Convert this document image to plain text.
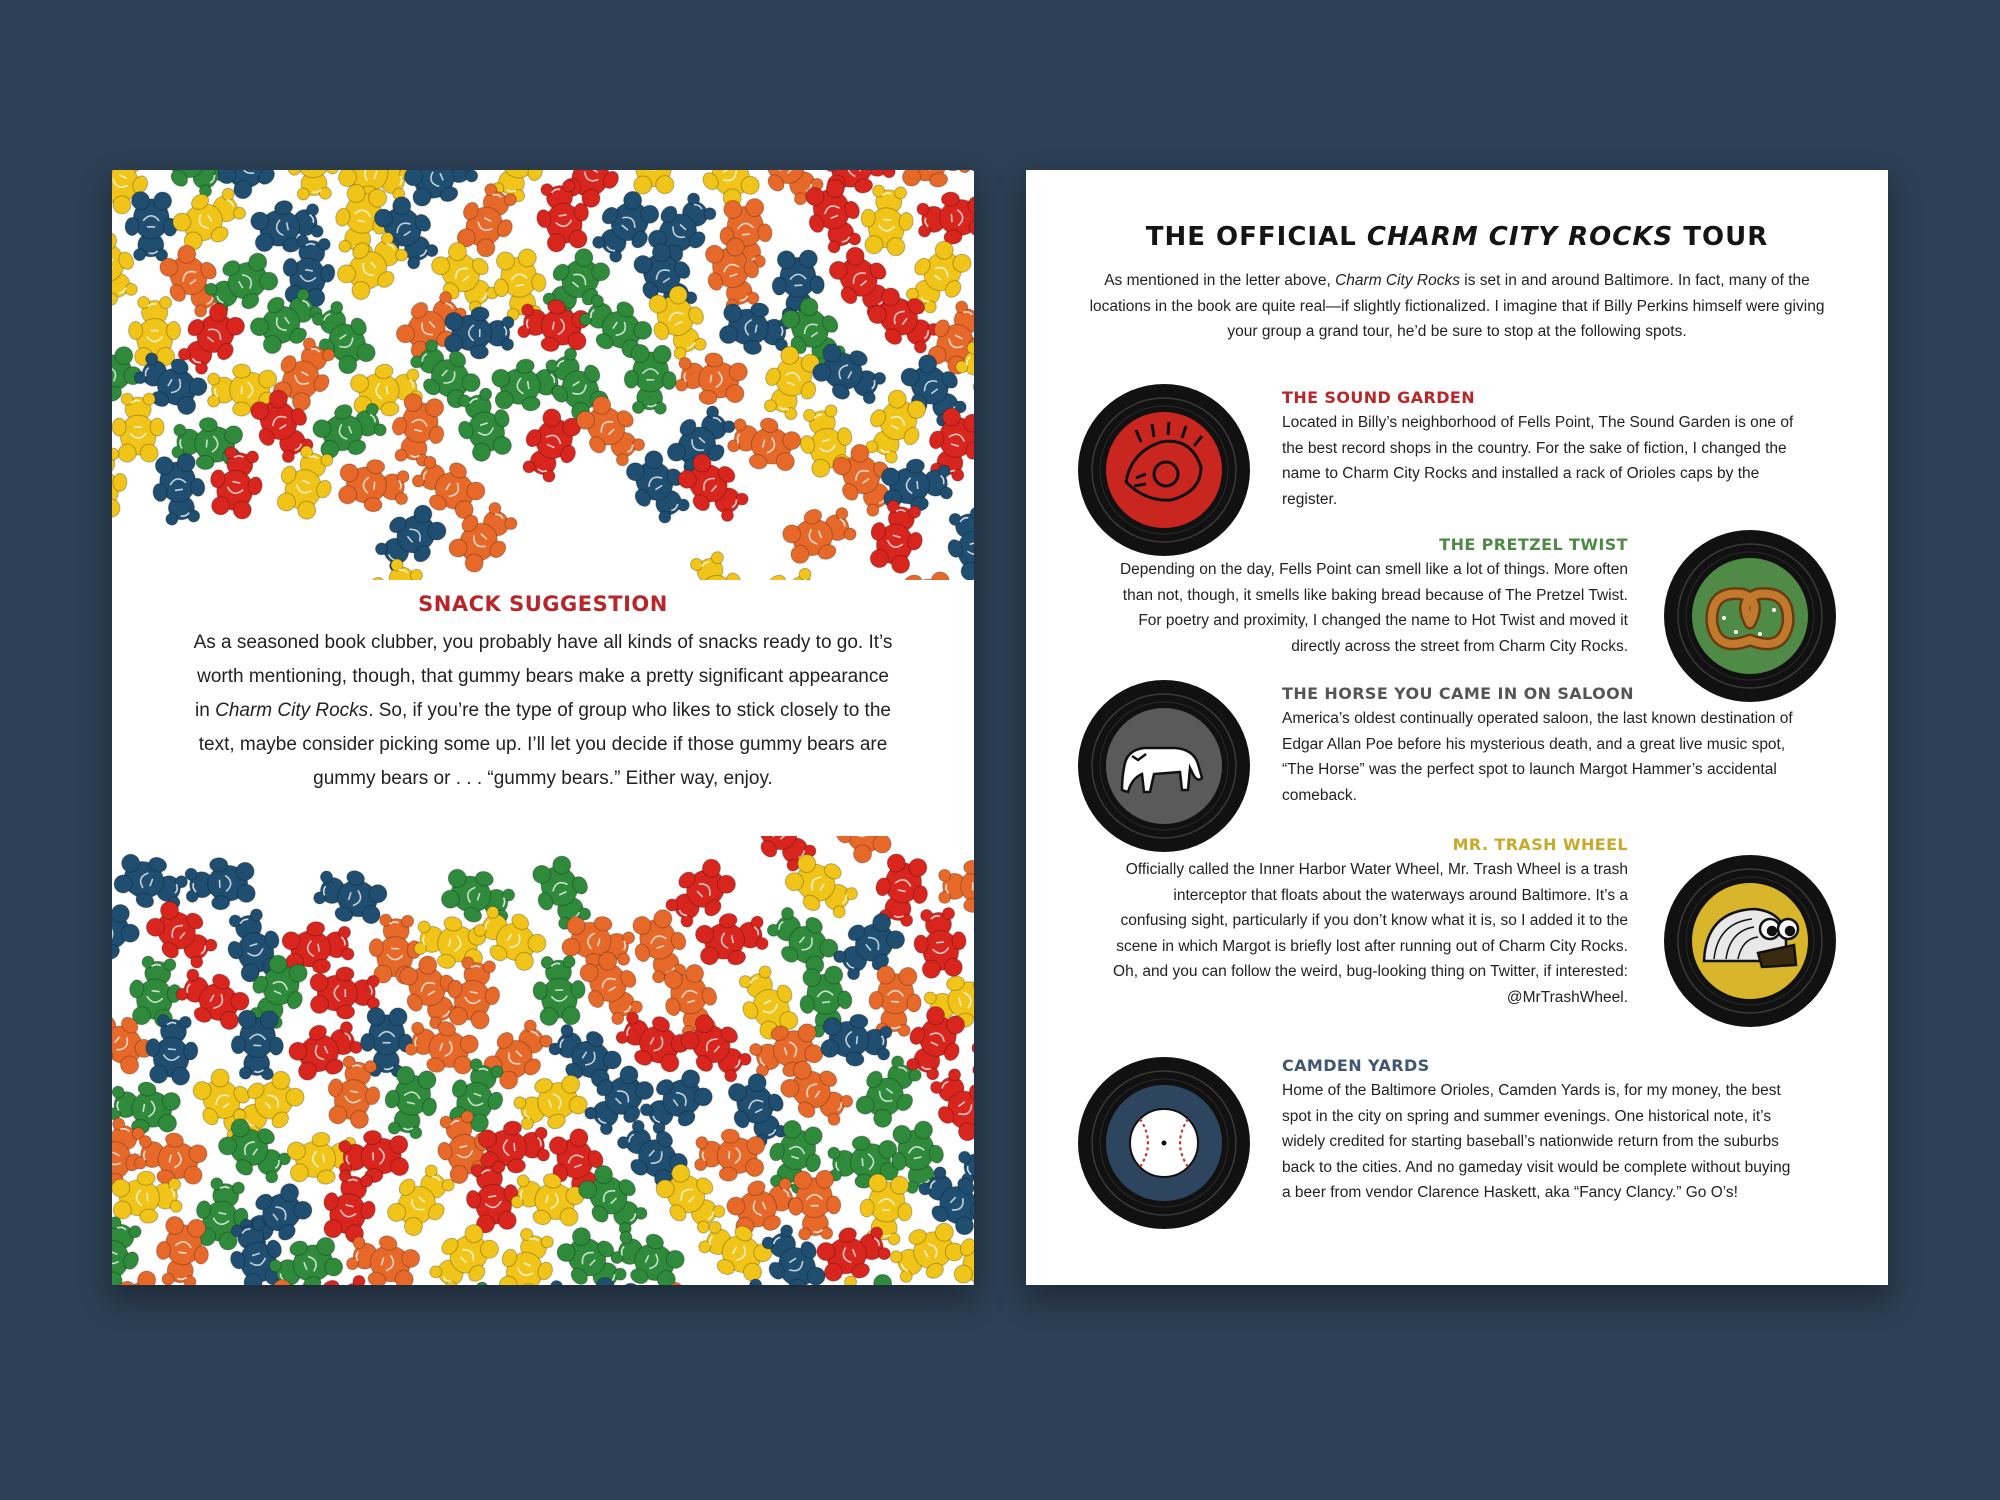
SNACK SUGGESTION

As a seasoned book clubber, you probably have all kinds of snacks ready to go. It’s worth mentioning, though, that gummy bears make a pretty significant appearance in Charm City Rocks. So, if you’re the type of group who likes to stick closely to the text, maybe consider picking some up. I’ll let you decide if those gummy bears are gummy bears or . . . “gummy bears.” Either way, enjoy.

THE OFFICIAL CHARM CITY ROCKS TOUR

As mentioned in the letter above, Charm City Rocks is set in and around Baltimore. In fact, many of the locations in the book are quite real—if slightly fictionalized. I imagine that if Billy Perkins himself were giving your group a grand tour, he’d be sure to stop at the following spots.

THE SOUND GARDEN

Located in Billy’s neighborhood of Fells Point, The Sound Garden is one of the best record shops in the country. For the sake of fiction, I changed the name to Charm City Rocks and installed a rack of Orioles caps by the register.

THE PRETZEL TWIST

Depending on the day, Fells Point can smell like a lot of things. More often than not, though, it smells like baking bread because of The Pretzel Twist. For poetry and proximity, I changed the name to Hot Twist and moved it directly across the street from Charm City Rocks.

THE HORSE YOU CAME IN ON SALOON

America’s oldest continually operated saloon, the last known destination of Edgar Allan Poe before his mysterious death, and a great live music spot, “The Horse” was the perfect spot to launch Margot Hammer’s accidental comeback.

MR. TRASH WHEEL

Officially called the Inner Harbor Water Wheel, Mr. Trash Wheel is a trash interceptor that floats about the waterways around Baltimore. It’s a confusing sight, particularly if you don’t know what it is, so I added it to the scene in which Margot is briefly lost after running out of Charm City Rocks. Oh, and you can follow the weird, bug-looking thing on Twitter, if interested: @MrTrashWheel.

CAMDEN YARDS

Home of the Baltimore Orioles, Camden Yards is, for my money, the best spot in the city on spring and summer evenings. One historical note, it’s widely credited for starting baseball’s nationwide return from the suburbs back to the cities. And no gameday visit would be complete without buying a beer from vendor Clarence Haskett, aka “Fancy Clancy.” Go O’s!
